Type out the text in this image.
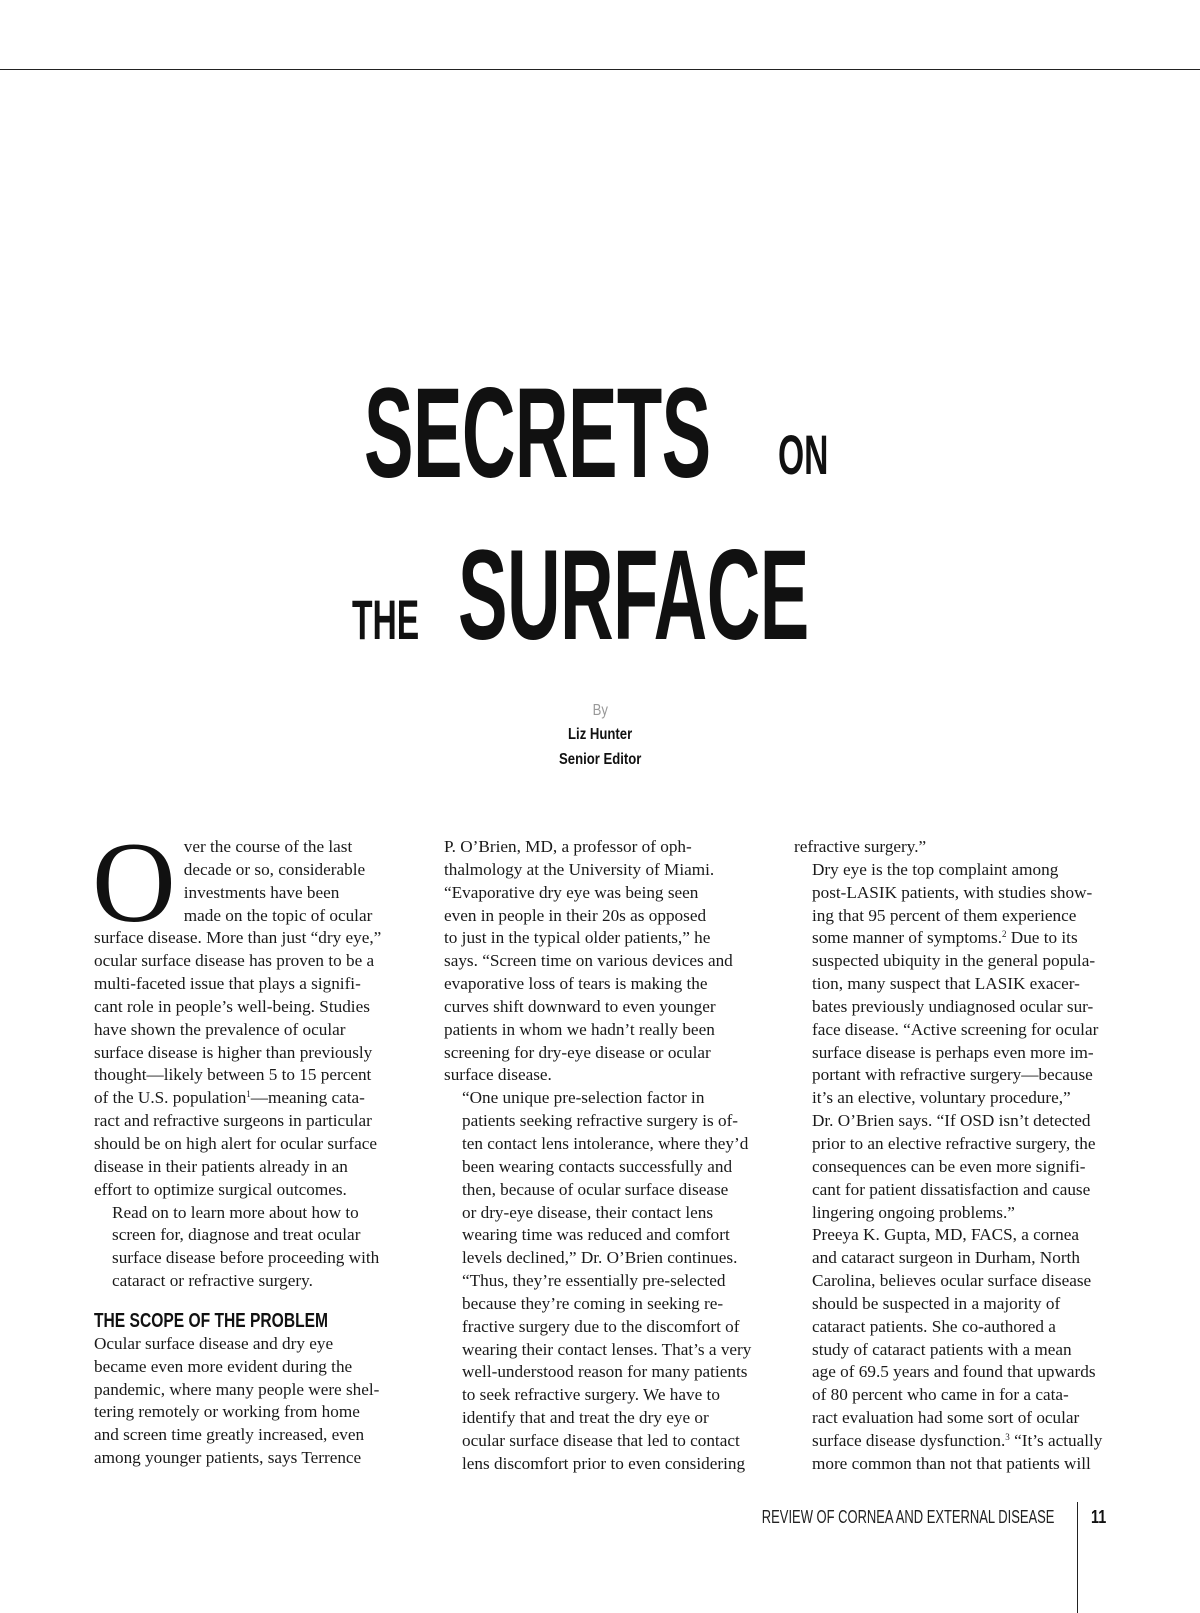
SECRETS ON
THE SURFACE
By
Liz Hunter
Senior Editor

O ver the course of the last
decade or so, considerable
investments have been
made on the topic of ocular
surface disease. More than just “dry eye,”
ocular surface disease has proven to be a
multi-faceted issue that plays a signifi-
cant role in people’s well-being. Studies
have shown the prevalence of ocular
surface disease is higher than previously
thought—likely between 5 to 15 percent
of the U.S. population$^1$—meaning cata-
ract and refractive surgeons in particular
should be on high alert for ocular surface
disease in their patients already in an
effort to optimize surgical outcomes.

Read on to learn more about how to
screen for, diagnose and treat ocular
surface disease before proceeding with
cataract or refractive surgery.

THE SCOPE OF THE PROBLEM

Ocular surface disease and dry eye
became even more evident during the
pandemic, where many people were shel-
tering remotely or working from home
and screen time greatly increased, even
among younger patients, says Terrence

P. O’Brien, MD, a professor of oph-
thalmology at the University of Miami.
“Evaporative dry eye was being seen
even in people in their 20s as opposed
to just in the typical older patients,” he
says. “Screen time on various devices and
evaporative loss of tears is making the
curves shift downward to even younger
patients in whom we hadn’t really been
screening for dry-eye disease or ocular
surface disease.

“One unique pre-selection factor in
patients seeking refractive surgery is of-
ten contact lens intolerance, where they’d
been wearing contacts successfully and
then, because of ocular surface disease
or dry-eye disease, their contact lens
wearing time was reduced and comfort
levels declined,” Dr. O’Brien continues.
“Thus, they’re essentially pre-selected
because they’re coming in seeking re-
fractive surgery due to the discomfort of
wearing their contact lenses. That’s a very
well-understood reason for many patients
to seek refractive surgery. We have to
identify that and treat the dry eye or
ocular surface disease that led to contact
lens discomfort prior to even considering

refractive surgery.”

Dry eye is the top complaint among
post-LASIK patients, with studies show-
ing that 95 percent of them experience
some manner of symptoms.$^2$ Due to its
suspected ubiquity in the general popula-
tion, many suspect that LASIK exacer-
bates previously undiagnosed ocular sur-
face disease. “Active screening for ocular
surface disease is perhaps even more im-
portant with refractive surgery—because
it’s an elective, voluntary procedure,”
Dr. O’Brien says. “If OSD isn’t detected
prior to an elective refractive surgery, the
consequences can be even more signifi-
cant for patient dissatisfaction and cause
lingering ongoing problems.”

Preeya K. Gupta, MD, FACS, a cornea
and cataract surgeon in Durham, North
Carolina, believes ocular surface disease
should be suspected in a majority of
cataract patients. She co-authored a
study of cataract patients with a mean
age of 69.5 years and found that upwards
of 80 percent who came in for a cata-
ract evaluation had some sort of ocular
surface disease dysfunction.$^3$ “It’s actually
more common than not that patients will

REVIEW OF CORNEA AND EXTERNAL DISEASE 11
